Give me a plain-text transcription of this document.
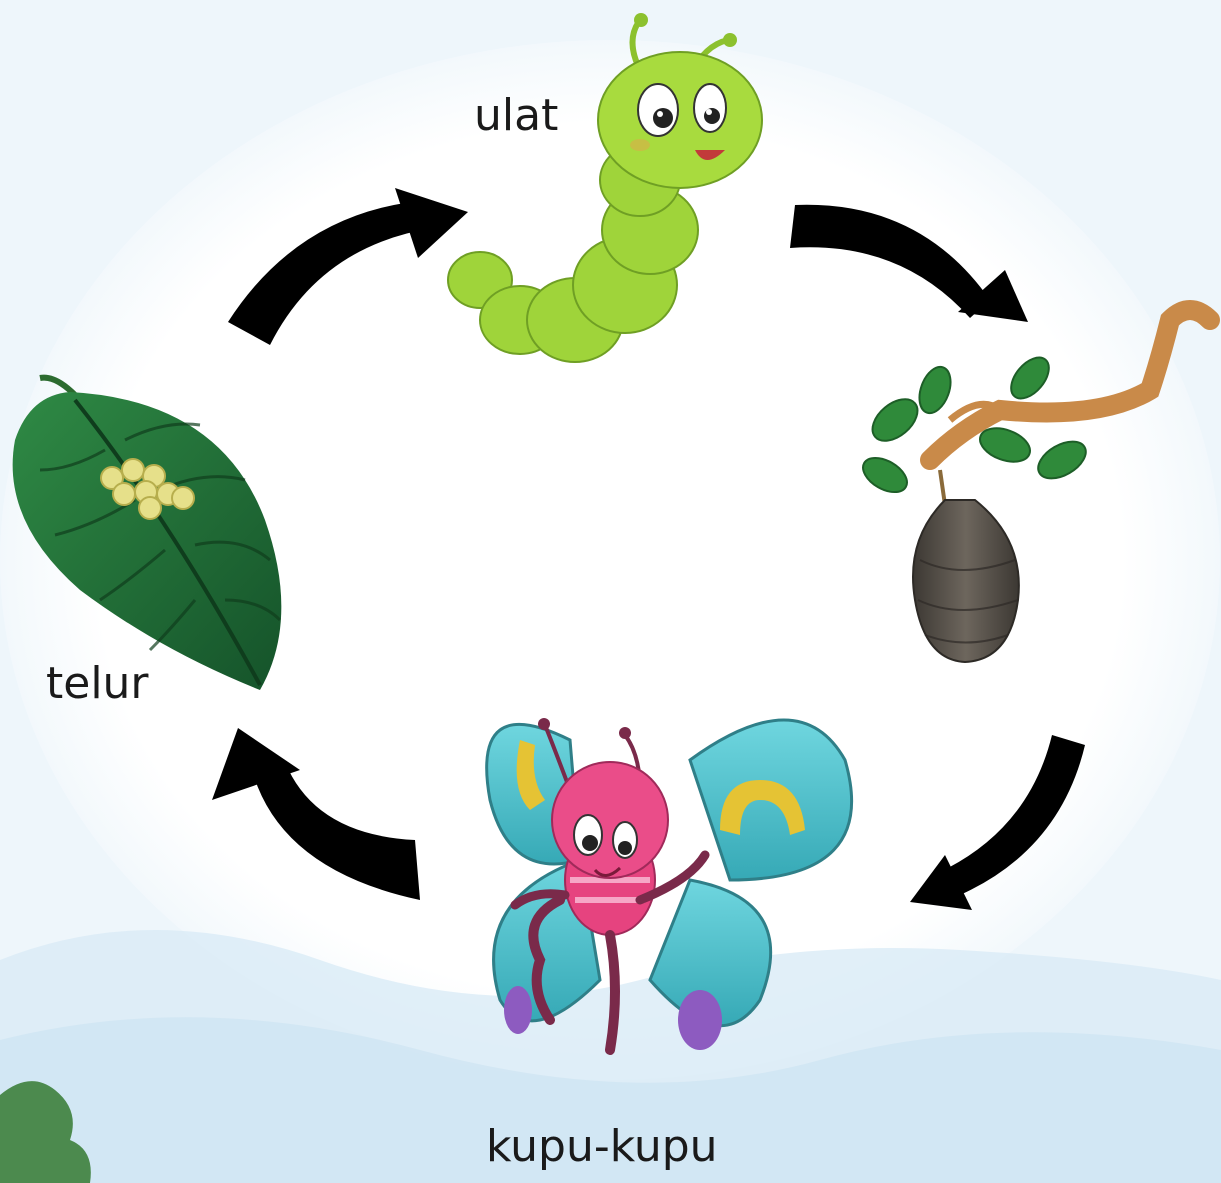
ulat
telur
kupu-kupu
